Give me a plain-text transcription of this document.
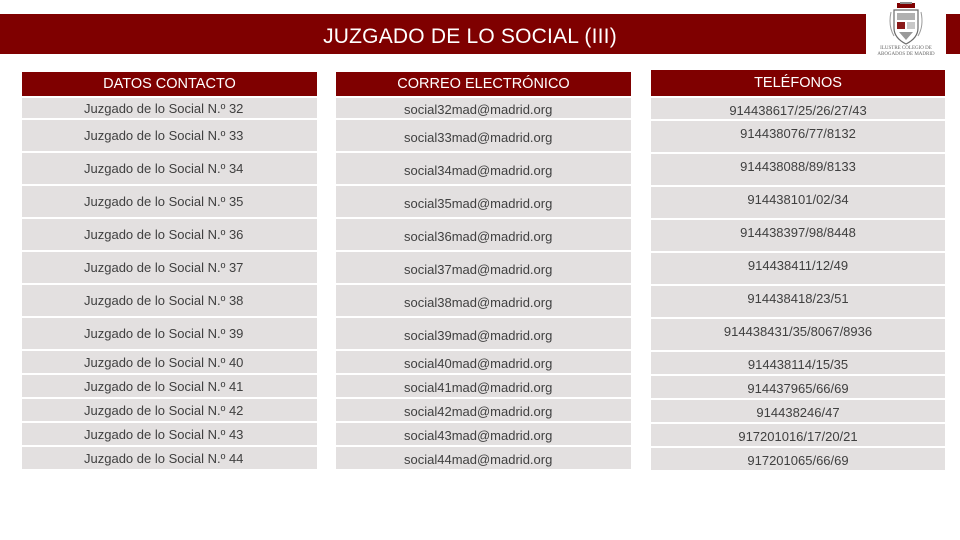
JUZGADO DE LO SOCIAL (III)
ILUSTRE COLEGIO DE ABOGADOS DE MADRID
DATOS CONTACTO
Juzgado de lo Social N.º 32
Juzgado de lo Social N.º 33
Juzgado de lo Social N.º 34
Juzgado de lo Social N.º 35
Juzgado de lo Social N.º 36
Juzgado de lo Social N.º 37
Juzgado de lo Social N.º 38
Juzgado de lo Social N.º 39
Juzgado de lo Social N.º 40
Juzgado de lo Social N.º 41
Juzgado de lo Social N.º 42
Juzgado de lo Social N.º 43
Juzgado de lo Social N.º 44
CORREO ELECTRÓNICO
social32mad@madrid.org
social33mad@madrid.org
social34mad@madrid.org
social35mad@madrid.org
social36mad@madrid.org
social37mad@madrid.org
social38mad@madrid.org
social39mad@madrid.org
social40mad@madrid.org
social41mad@madrid.org
social42mad@madrid.org
social43mad@madrid.org
social44mad@madrid.org
TELÉFONOS
914438617/25/26/27/43
914438076/77/8132
914438088/89/8133
914438101/02/34
914438397/98/8448
914438411/12/49
914438418/23/51
914438431/35/8067/8936
914438114/15/35
914437965/66/69
914438246/47
917201016/17/20/21
917201065/66/69
